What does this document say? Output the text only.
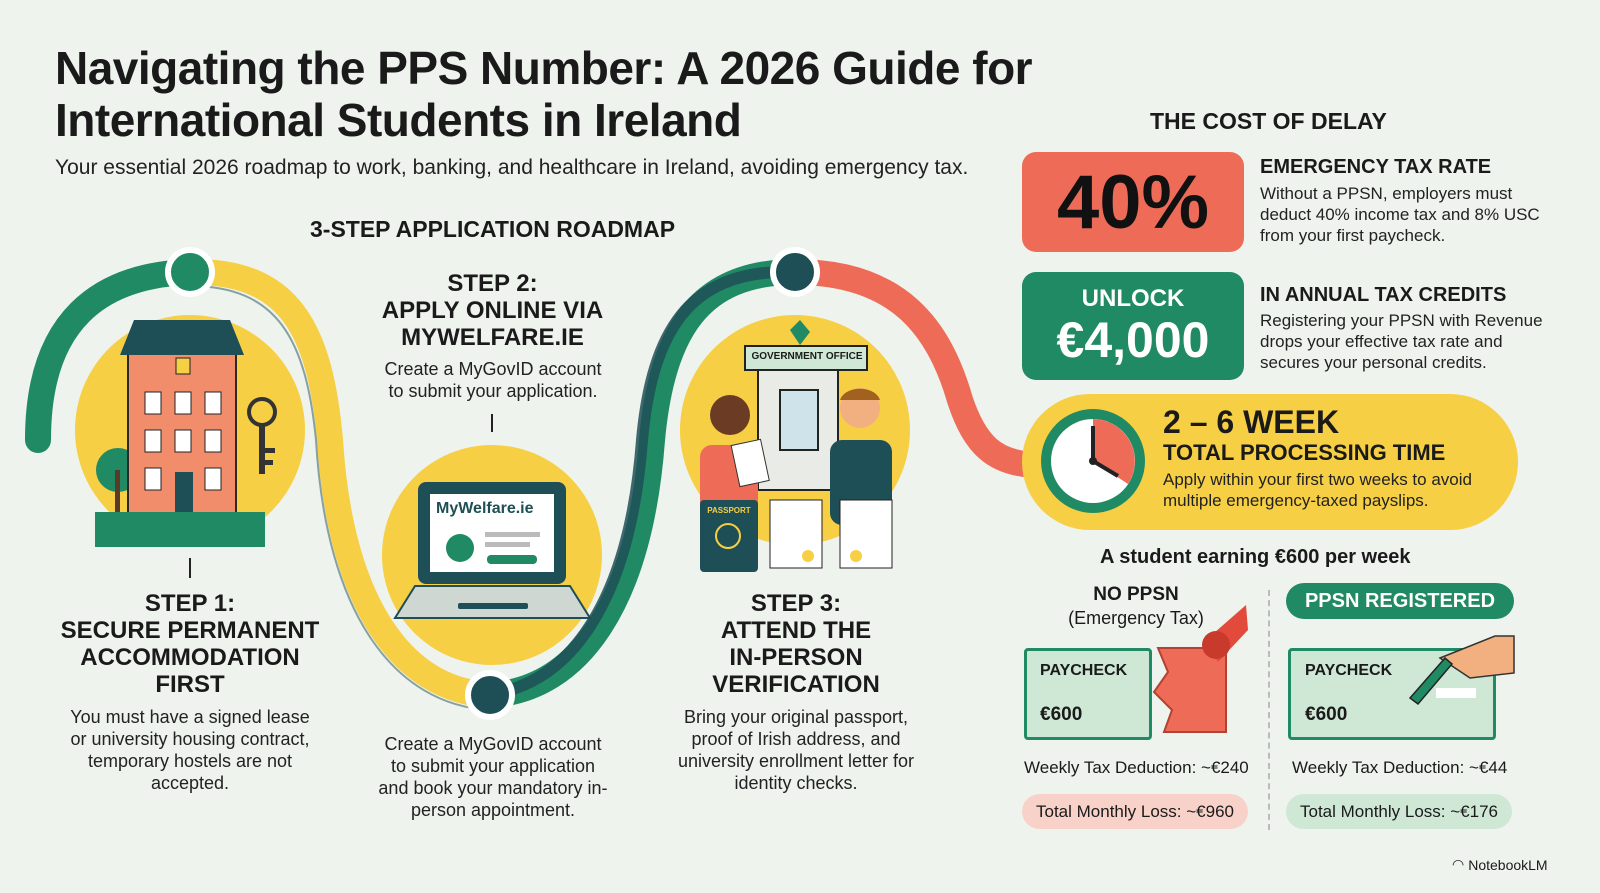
Navigating the PPS Number: A 2026 Guide for International Students in Ireland
Your essential 2026 roadmap to work, banking, and healthcare in Ireland, avoiding emergency tax.
3-STEP APPLICATION ROADMAP
STEP 1:
SECURE PERMANENT
ACCOMMODATION
FIRST
You must have a signed lease or university housing contract, temporary hostels are not accepted.
STEP 2:
APPLY ONLINE VIA
MYWELFARE.IE
Create a MyGovID account to submit your application.
MyWelfare.ie
Create a MyGovID account to submit your application and book your mandatory in-person appointment.
GOVERNMENT OFFICE
PASSPORT
STEP 3:
ATTEND THE
IN-PERSON
VERIFICATION
Bring your original passport, proof of Irish address, and university enrollment letter for identity checks.
THE COST OF DELAY
40%	EMERGENCY TAX RATE
Without a PPSN, employers must deduct 40% income tax and 8% USC from your first paycheck.
UNLOCK
€4,000
IN ANNUAL TAX CREDITS
Registering your PPSN with Revenue drops your effective tax rate and secures your personal credits.
2 – 6 WEEK
TOTAL PROCESSING TIME
Apply within your first two weeks to avoid multiple emergency-taxed payslips.
A student earning €600 per week
NO PPSN
(Emergency Tax)
PAYCHECK
€600
Weekly Tax Deduction: ~€240
Total Monthly Loss: ~€960
PPSN REGISTERED
PAYCHECK
€600
Weekly Tax Deduction: ~€44
Total Monthly Loss: ~€176
◠ NotebookLM
